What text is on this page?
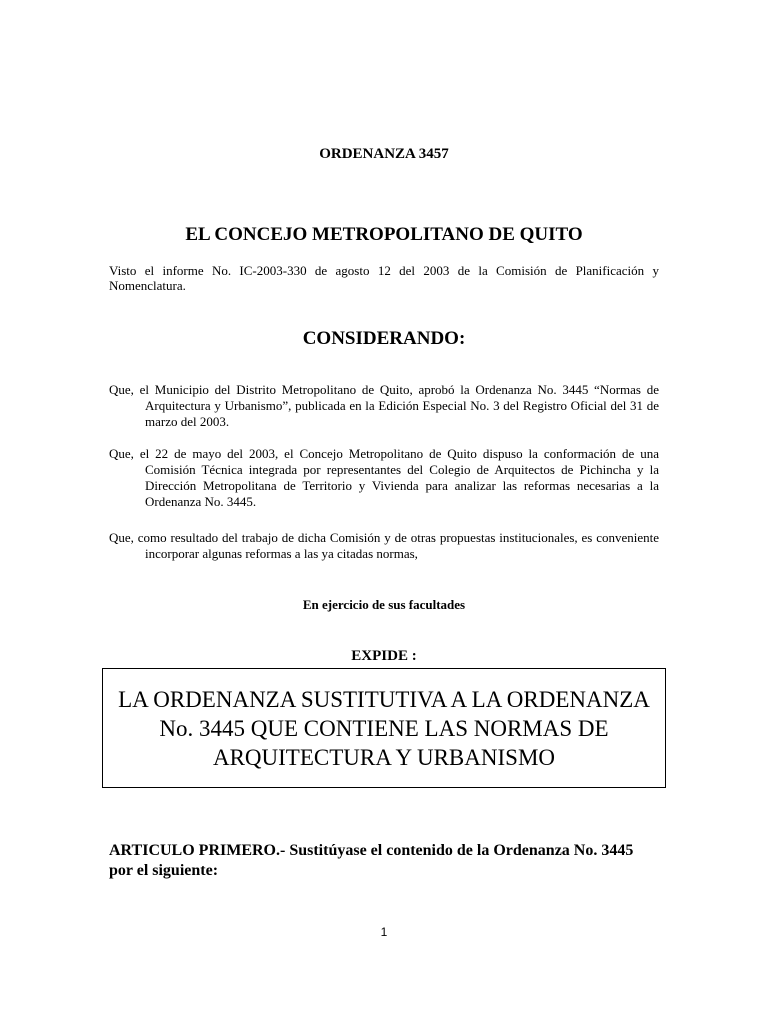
ORDENANZA 3457
EL CONCEJO METROPOLITANO DE QUITO
Visto el informe No. IC-2003-330 de agosto 12 del 2003 de la Comisión de Planificación y Nomenclatura.
CONSIDERANDO:
Que, el Municipio del Distrito Metropolitano de Quito, aprobó la Ordenanza No. 3445 “Normas de Arquitectura y Urbanismo”, publicada en la Edición Especial No. 3 del Registro Oficial del 31 de marzo del 2003.
Que, el 22 de mayo del 2003, el Concejo Metropolitano de Quito dispuso la conformación de una Comisión Técnica integrada por representantes del Colegio de Arquitectos de Pichincha y la Dirección Metropolitana de Territorio y Vivienda para analizar las reformas necesarias a la Ordenanza No. 3445.
Que, como resultado del trabajo de dicha Comisión y de otras propuestas institucionales, es conveniente incorporar algunas reformas a las ya citadas normas,
En ejercicio de sus facultades
EXPIDE :
LA ORDENANZA SUSTITUTIVA A LA ORDENANZA No. 3445 QUE CONTIENE LAS NORMAS DE ARQUITECTURA Y URBANISMO
ARTICULO PRIMERO.- Sustitúyase el contenido de la Ordenanza No. 3445 por el siguiente:
1
